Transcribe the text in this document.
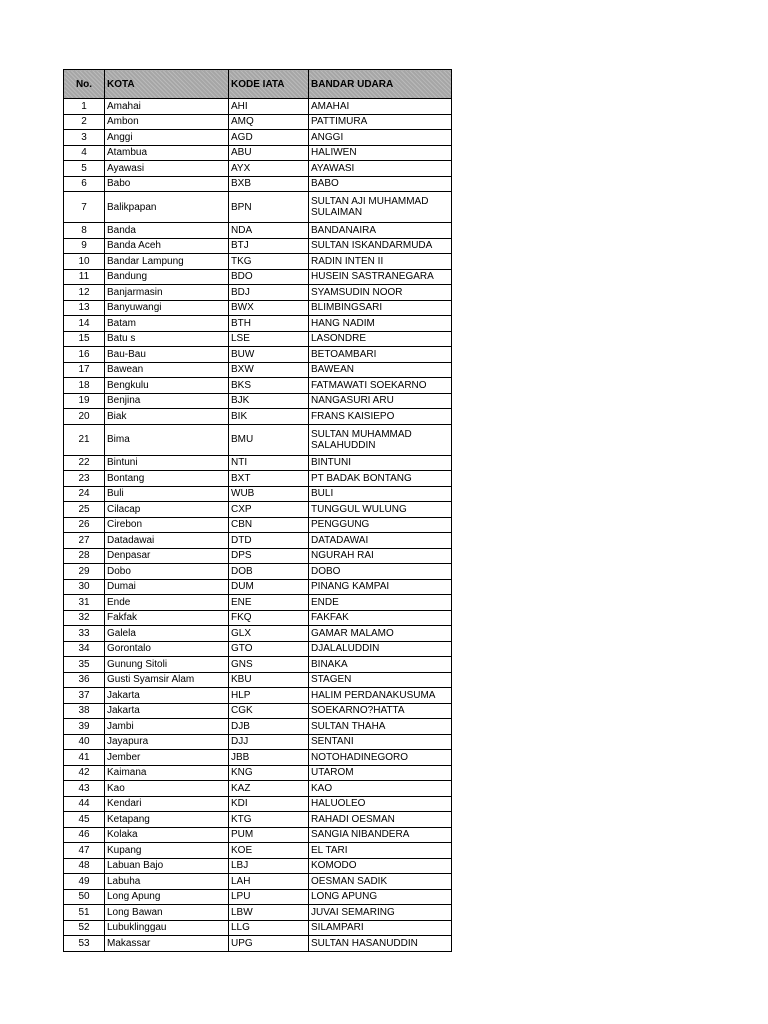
No.	KOTA	KODE IATA	BANDAR UDARA
1	Amahai	AHI	AMAHAI
2	Ambon	AMQ	PATTIMURA
3	Anggi	AGD	ANGGI
4	Atambua	ABU	HALIWEN
5	Ayawasi	AYX	AYAWASI
6	Babo	BXB	BABO
7	Balikpapan	BPN	SULTAN AJI MUHAMMAD SULAIMAN
8	Banda	NDA	BANDANAIRA
9	Banda Aceh	BTJ	SULTAN ISKANDARMUDA
10	Bandar Lampung	TKG	RADIN INTEN II
11	Bandung	BDO	HUSEIN SASTRANEGARA
12	Banjarmasin	BDJ	SYAMSUDIN NOOR
13	Banyuwangi	BWX	BLIMBINGSARI
14	Batam	BTH	HANG NADIM
15	Batu s	LSE	LASONDRE
16	Bau-Bau	BUW	BETOAMBARI
17	Bawean	BXW	BAWEAN
18	Bengkulu	BKS	FATMAWATI SOEKARNO
19	Benjina	BJK	NANGASURI ARU
20	Biak	BIK	FRANS KAISIEPO
21	Bima	BMU	SULTAN MUHAMMAD SALAHUDDIN
22	Bintuni	NTI	BINTUNI
23	Bontang	BXT	PT BADAK BONTANG
24	Buli	WUB	BULI
25	Cilacap	CXP	TUNGGUL WULUNG
26	Cirebon	CBN	PENGGUNG
27	Datadawai	DTD	DATADAWAI
28	Denpasar	DPS	NGURAH RAI
29	Dobo	DOB	DOBO
30	Dumai	DUM	PINANG KAMPAI
31	Ende	ENE	ENDE
32	Fakfak	FKQ	FAKFAK
33	Galela	GLX	GAMAR MALAMO
34	Gorontalo	GTO	DJALALUDDIN
35	Gunung Sitoli	GNS	BINAKA
36	Gusti Syamsir Alam	KBU	STAGEN
37	Jakarta	HLP	HALIM PERDANAKUSUMA
38	Jakarta	CGK	SOEKARNO?HATTA
39	Jambi	DJB	SULTAN THAHA
40	Jayapura	DJJ	SENTANI
41	Jember	JBB	NOTOHADINEGORO
42	Kaimana	KNG	UTAROM
43	Kao	KAZ	KAO
44	Kendari	KDI	HALUOLEO
45	Ketapang	KTG	RAHADI OESMAN
46	Kolaka	PUM	SANGIA NIBANDERA
47	Kupang	KOE	EL TARI
48	Labuan Bajo	LBJ	KOMODO
49	Labuha	LAH	OESMAN SADIK
50	Long Apung	LPU	LONG APUNG
51	Long Bawan	LBW	JUVAI SEMARING
52	Lubuklinggau	LLG	SILAMPARI
53	Makassar	UPG	SULTAN HASANUDDIN
